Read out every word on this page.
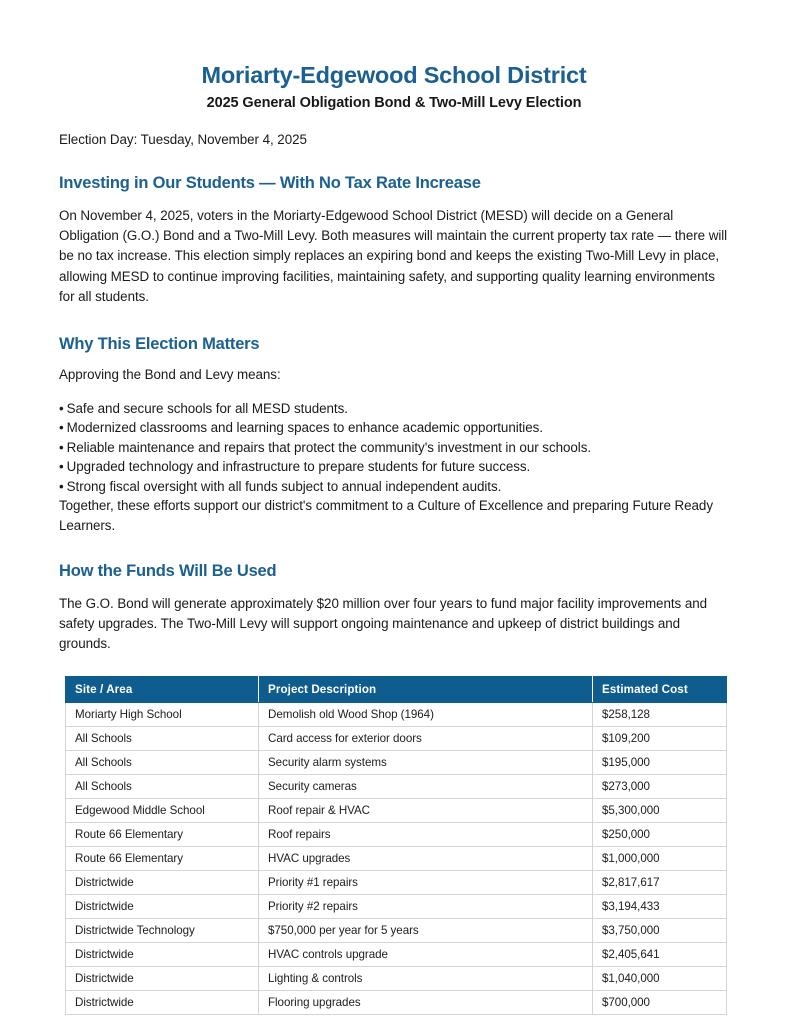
Moriarty-Edgewood School District
2025 General Obligation Bond & Two-Mill Levy Election

Election Day: Tuesday, November 4, 2025

Investing in Our Students — With No Tax Rate Increase

On November 4, 2025, voters in the Moriarty-Edgewood School District (MESD) will decide on a General Obligation (G.O.) Bond and a Two-Mill Levy. Both measures will maintain the current property tax rate — there will be no tax increase. This election simply replaces an expiring bond and keeps the existing Two-Mill Levy in place, allowing MESD to continue improving facilities, maintaining safety, and supporting quality learning environments for all students.

Why This Election Matters

Approving the Bond and Levy means:

• Safe and secure schools for all MESD students.
• Modernized classrooms and learning spaces to enhance academic opportunities.
• Reliable maintenance and repairs that protect the community's investment in our schools.
• Upgraded technology and infrastructure to prepare students for future success.
• Strong fiscal oversight with all funds subject to annual independent audits.

Together, these efforts support our district's commitment to a Culture of Excellence and preparing Future Ready Learners.

How the Funds Will Be Used

The G.O. Bond will generate approximately $20 million over four years to fund major facility improvements and safety upgrades. The Two-Mill Levy will support ongoing maintenance and upkeep of district buildings and grounds.

Site / Area	Project Description	Estimated Cost
Moriarty High School	Demolish old Wood Shop (1964)	$258,128
All Schools	Card access for exterior doors	$109,200
All Schools	Security alarm systems	$195,000
All Schools	Security cameras	$273,000
Edgewood Middle School	Roof repair & HVAC	$5,300,000
Route 66 Elementary	Roof repairs	$250,000
Route 66 Elementary	HVAC upgrades	$1,000,000
Districtwide	Priority #1 repairs	$2,817,617
Districtwide	Priority #2 repairs	$3,194,433
Districtwide Technology	$750,000 per year for 5 years	$3,750,000
Districtwide	HVAC controls upgrade	$2,405,641
Districtwide	Lighting & controls	$1,040,000
Districtwide	Flooring upgrades	$700,000
